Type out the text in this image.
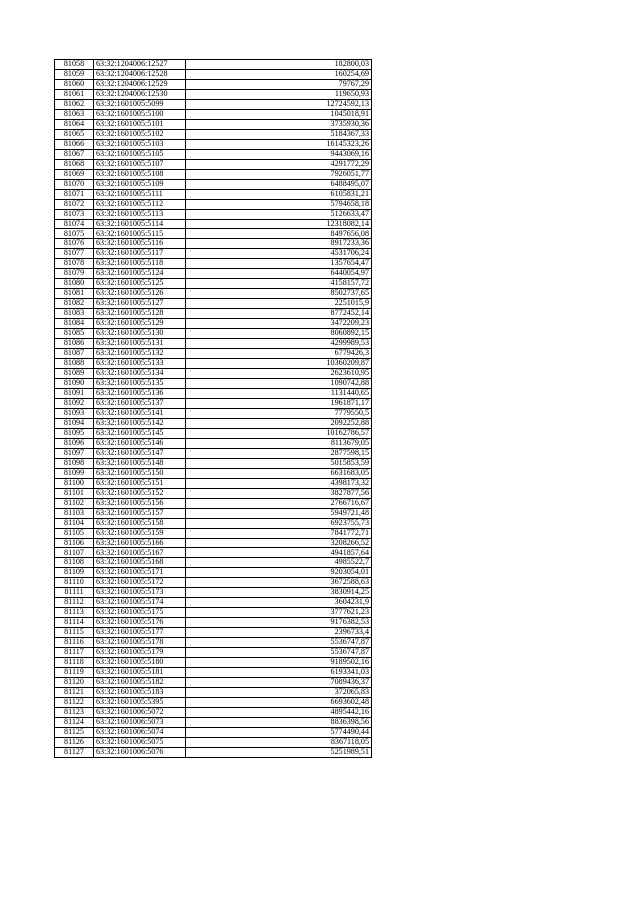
81058	63:32:1204006:12527	182800,03
81059	63:32:1204006:12528	160254,69
81060	63:32:1204006:12529	79767,29
81061	63:32:1204006:12530	119650,93
81062	63:32:1601005:5099	12724592,13
81063	63:32:1601005:5100	1045018,91
81064	63:32:1601005:5101	3735930,36
81065	63:32:1601005:5102	5184367,33
81066	63:32:1601005:5103	16145323,26
81067	63:32:1601005:5105	9443069,16
81068	63:32:1601005:5107	4291772,29
81069	63:32:1601005:5108	7926051,77
81070	63:32:1601005:5109	6488495,07
81071	63:32:1601005:5111	6105831,21
81072	63:32:1601005:5112	5794658,18
81073	63:32:1601005:5113	5126633,47
81074	63:32:1601005:5114	12318082,14
81075	63:32:1601005:5115	8497656,08
81076	63:32:1601005:5116	8917233,36
81077	63:32:1601005:5117	4531706,24
81078	63:32:1601005:5118	1357654,47
81079	63:32:1601005:5124	6440054,97
81080	63:32:1601005:5125	4158157,72
81081	63:32:1601005:5126	8502737,65
81082	63:32:1601005:5127	2251015,9
81083	63:32:1601005:5128	8772452,14
81084	63:32:1601005:5129	3472209,23
81085	63:32:1601005:5130	8060892,15
81086	63:32:1601005:5131	4299989,53
81087	63:32:1601005:5132	6779426,3
81088	63:32:1601005:5133	10360209,87
81089	63:32:1601005:5134	2623610,95
81090	63:32:1601005:5135	1090742,88
81091	63:32:1601005:5136	1131440,65
81092	63:32:1601005:5137	1961871,17
81093	63:32:1601005:5141	7779550,5
81094	63:32:1601005:5142	2092252,88
81095	63:32:1601005:5145	10162786,57
81096	63:32:1601005:5146	8113679,05
81097	63:32:1601005:5147	2877598,15
81098	63:32:1601005:5148	5015853,59
81099	63:32:1601005:5150	6631683,05
81100	63:32:1601005:5151	4398173,32
81101	63:32:1601005:5152	3827877,56
81102	63:32:1601005:5156	2766716,67
81103	63:32:1601005:5157	5949721,48
81104	63:32:1601005:5158	6923755,73
81105	63:32:1601005:5159	7841772,71
81106	63:32:1601005:5166	3208266,52
81107	63:32:1601005:5167	4941857,64
81108	63:32:1601005:5168	4985522,7
81109	63:32:1601005:5171	9203054,01
81110	63:32:1601005:5172	3672588,63
81111	63:32:1601005:5173	3830914,25
81112	63:32:1601005:5174	3604231,9
81113	63:32:1601005:5175	3777621,23
81114	63:32:1601005:5176	9176382,53
81115	63:32:1601005:5177	2396733,4
81116	63:32:1601005:5178	5536747,87
81117	63:32:1601005:5179	5536747,87
81118	63:32:1601005:5180	9189502,16
81119	63:32:1601005:5181	6193341,03
81120	63:32:1601005:5182	7089436,37
81121	63:32:1601005:5183	372065,83
81122	63:32:1601005:5395	6693602,48
81123	63:32:1601006:5072	4895442,16
81124	63:32:1601006:5073	8836398,56
81125	63:32:1601006:5074	5774490,44
81126	63:32:1601006:5075	8367118,05
81127	63:32:1601006:5076	5251989,51
